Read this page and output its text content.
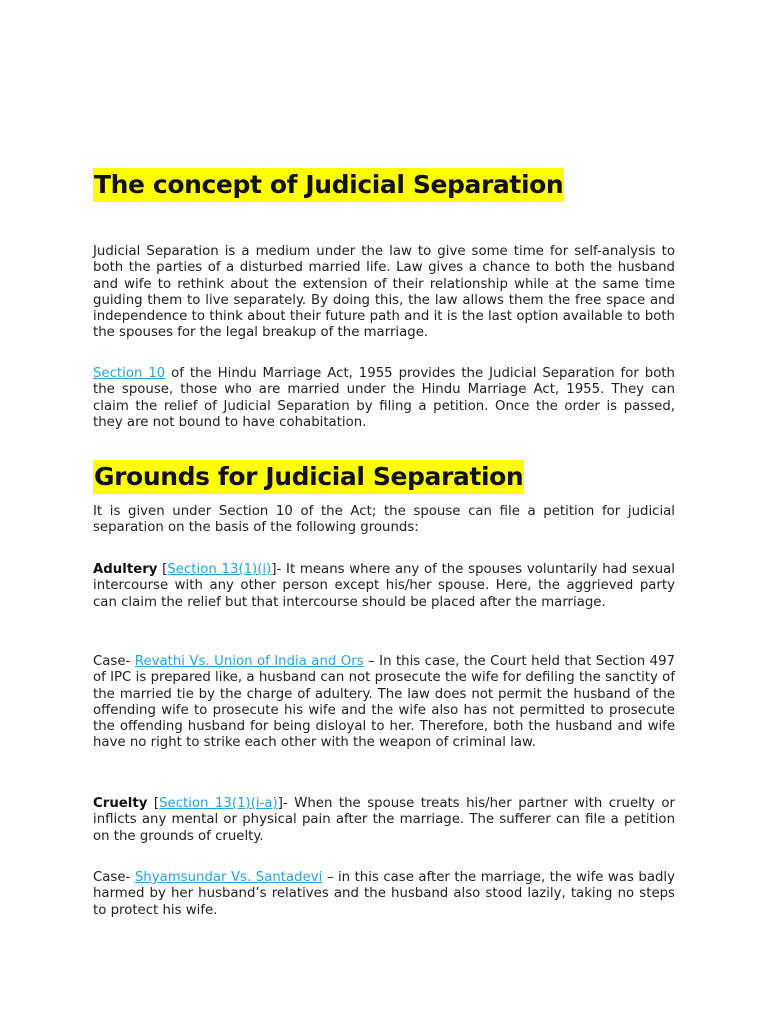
The concept of Judicial Separation

Judicial Separation is a medium under the law to give some time for self-analysis to both the parties of a disturbed married life. Law gives a chance to both the husband and wife to rethink about the extension of their relationship while at the same time guiding them to live separately. By doing this, the law allows them the free space and independence to think about their future path and it is the last option available to both the spouses for the legal breakup of the marriage.

Section 10 of the Hindu Marriage Act, 1955 provides the Judicial Separation for both the spouse, those who are married under the Hindu Marriage Act, 1955. They can claim the relief of Judicial Separation by filing a petition. Once the order is passed, they are not bound to have cohabitation.

Grounds for Judicial Separation

It is given under Section 10 of the Act; the spouse can file a petition for judicial separation on the basis of the following grounds:

Adultery [Section 13(1)(i)]- It means where any of the spouses voluntarily had sexual intercourse with any other person except his/her spouse. Here, the aggrieved party can claim the relief but that intercourse should be placed after the marriage.

Case- Revathi Vs. Union of India and Ors – In this case, the Court held that Section 497 of IPC is prepared like, a husband can not prosecute the wife for defiling the sanctity of the married tie by the charge of adultery. The law does not permit the husband of the offending wife to prosecute his wife and the wife also has not permitted to prosecute the offending husband for being disloyal to her. Therefore, both the husband and wife have no right to strike each other with the weapon of criminal law.

Cruelty [Section 13(1)(i-a)]- When the spouse treats his/her partner with cruelty or inflicts any mental or physical pain after the marriage. The sufferer can file a petition on the grounds of cruelty.

Case- Shyamsundar Vs. Santadevi – in this case after the marriage, the wife was badly harmed by her husband’s relatives and the husband also stood lazily, taking no steps to protect his wife.
